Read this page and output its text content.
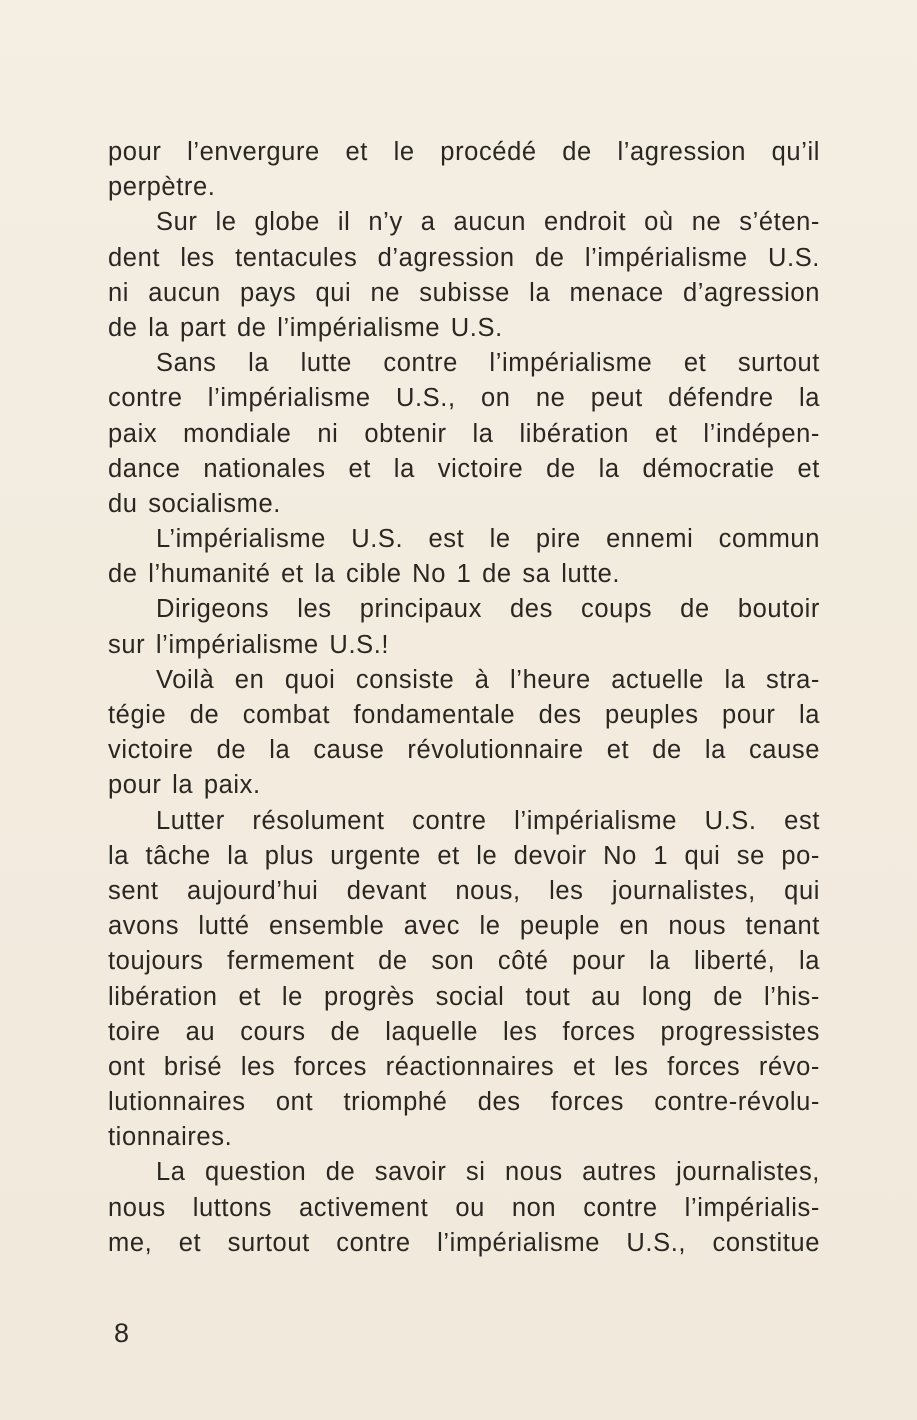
pour l’envergure et le procédé de l’agression qu’il
perpètre.
Sur le globe il n’y a aucun endroit où ne s’éten-
dent les tentacules d’agression de l’impérialisme U.S.
ni aucun pays qui ne subisse la menace d’agression
de la part de l’impérialisme U.S.
Sans la lutte contre l’impérialisme et surtout
contre l’impérialisme U.S., on ne peut défendre la
paix mondiale ni obtenir la libération et l’indépen-
dance nationales et la victoire de la démocratie et
du socialisme.
L’impérialisme U.S. est le pire ennemi commun
de l’humanité et la cible No 1 de sa lutte.
Dirigeons les principaux des coups de boutoir
sur l’impérialisme U.S.!
Voilà en quoi consiste à l’heure actuelle la stra-
tégie de combat fondamentale des peuples pour la
victoire de la cause révolutionnaire et de la cause
pour la paix.
Lutter résolument contre l’impérialisme U.S. est
la tâche la plus urgente et le devoir No 1 qui se po-
sent aujourd’hui devant nous, les journalistes, qui
avons lutté ensemble avec le peuple en nous tenant
toujours fermement de son côté pour la liberté, la
libération et le progrès social tout au long de l’his-
toire au cours de laquelle les forces progressistes
ont brisé les forces réactionnaires et les forces révo-
lutionnaires ont triomphé des forces contre-révolu-
tionnaires.
La question de savoir si nous autres journalistes,
nous luttons activement ou non contre l’impérialis-
me, et surtout contre l’impérialisme U.S., constitue
8
